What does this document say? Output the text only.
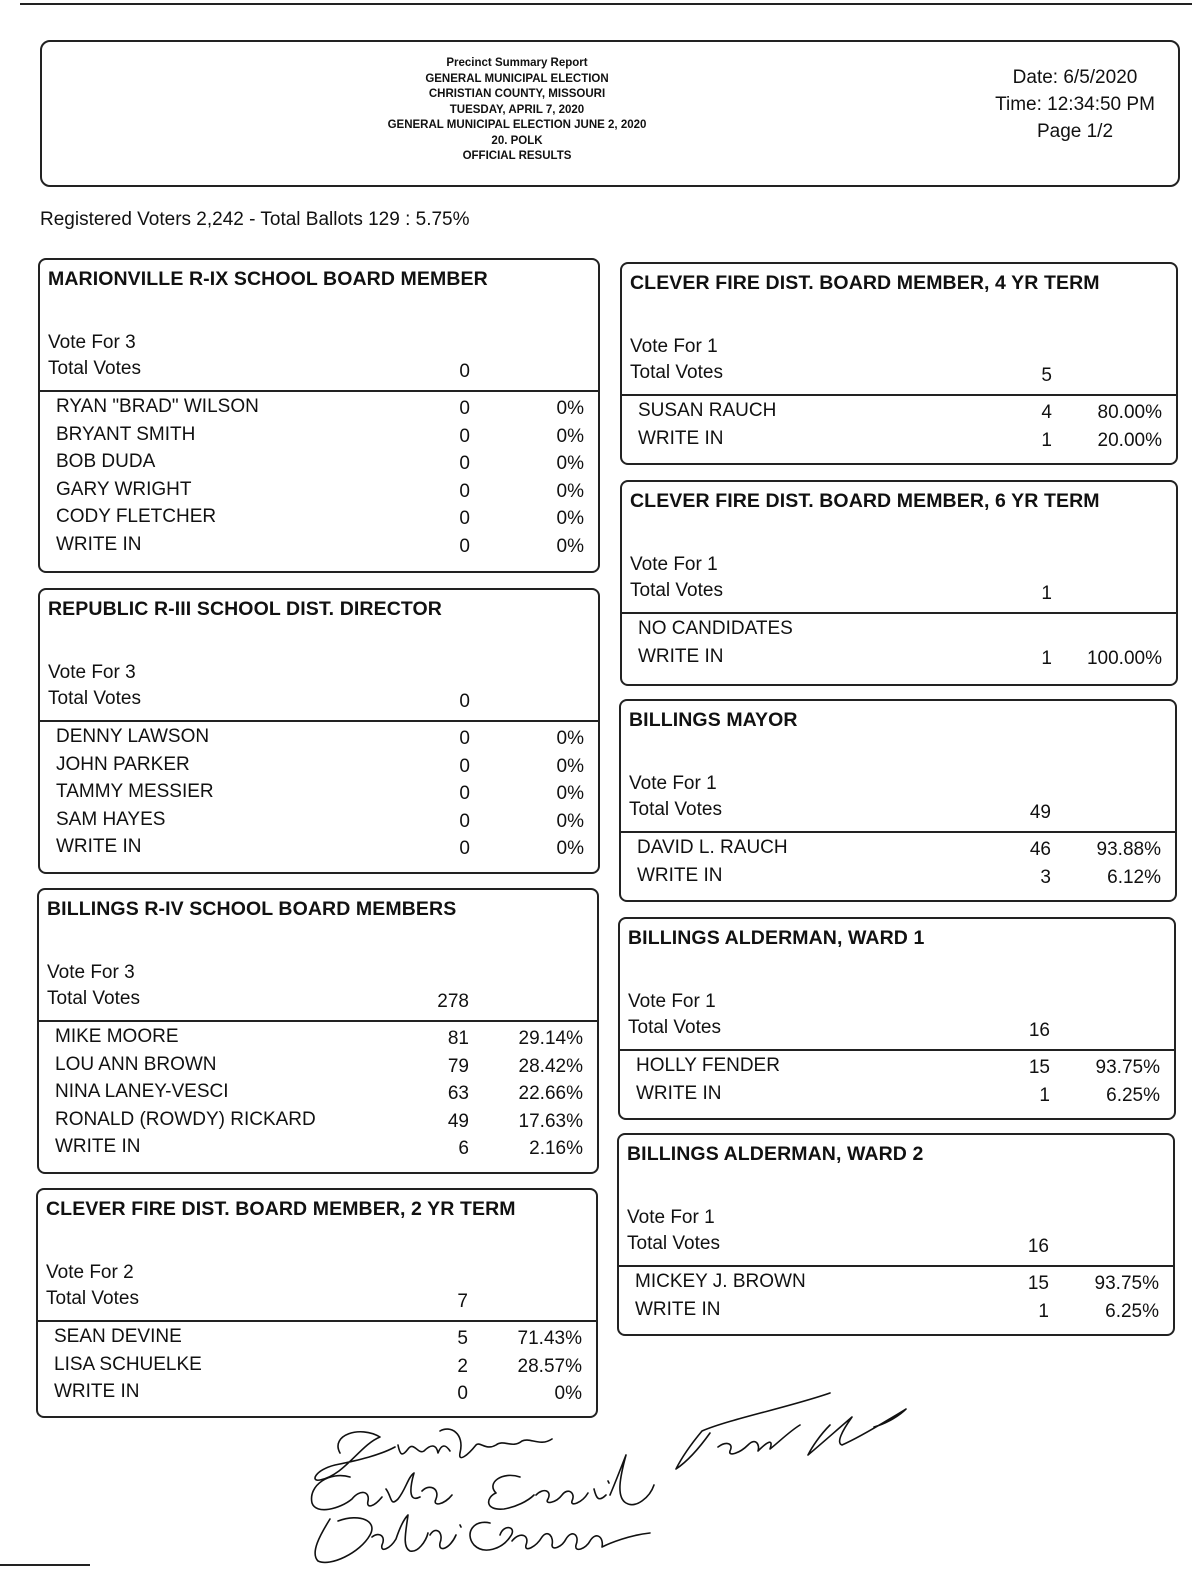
Precinct Summary Report
GENERAL MUNICIPAL ELECTION
CHRISTIAN COUNTY, MISSOURI
TUESDAY, APRIL 7, 2020
GENERAL MUNICIPAL ELECTION JUNE 2, 2020
20. POLK
OFFICIAL RESULTS
Date: 6/5/2020
Time: 12:34:50 PM
Page 1/2
Registered Voters 2,242 - Total Ballots 129 : 5.75%
MARIONVILLE R-IX SCHOOL BOARD MEMBER
Vote For 3
Total Votes	0
RYAN "BRAD" WILSON	0	0%
BRYANT SMITH	0	0%
BOB DUDA	0	0%
GARY WRIGHT	0	0%
CODY FLETCHER	0	0%
WRITE IN	0	0%
REPUBLIC R-III SCHOOL DIST. DIRECTOR
Vote For 3
Total Votes	0
DENNY LAWSON	0	0%
JOHN PARKER	0	0%
TAMMY MESSIER	0	0%
SAM HAYES	0	0%
WRITE IN	0	0%
BILLINGS R-IV SCHOOL BOARD MEMBERS
Vote For 3
Total Votes	278
MIKE MOORE	81	29.14%
LOU ANN BROWN	79	28.42%
NINA LANEY-VESCI	63	22.66%
RONALD (ROWDY) RICKARD	49	17.63%
WRITE IN	6	2.16%
CLEVER FIRE DIST. BOARD MEMBER, 2 YR TERM
Vote For 2
Total Votes	7
SEAN DEVINE	5	71.43%
LISA SCHUELKE	2	28.57%
WRITE IN	0	0%
CLEVER FIRE DIST. BOARD MEMBER, 4 YR TERM
Vote For 1
Total Votes	5
SUSAN RAUCH	4	80.00%
WRITE IN	1	20.00%
CLEVER FIRE DIST. BOARD MEMBER, 6 YR TERM
Vote For 1
Total Votes	1
NO CANDIDATES
WRITE IN	1	100.00%
BILLINGS MAYOR
Vote For 1
Total Votes	49
DAVID L. RAUCH	46	93.88%
WRITE IN	3	6.12%
BILLINGS ALDERMAN, WARD 1
Vote For 1
Total Votes	16
HOLLY FENDER	15	93.75%
WRITE IN	1	6.25%
BILLINGS ALDERMAN, WARD 2
Vote For 1
Total Votes	16
MICKEY J. BROWN	15	93.75%
WRITE IN	1	6.25%
